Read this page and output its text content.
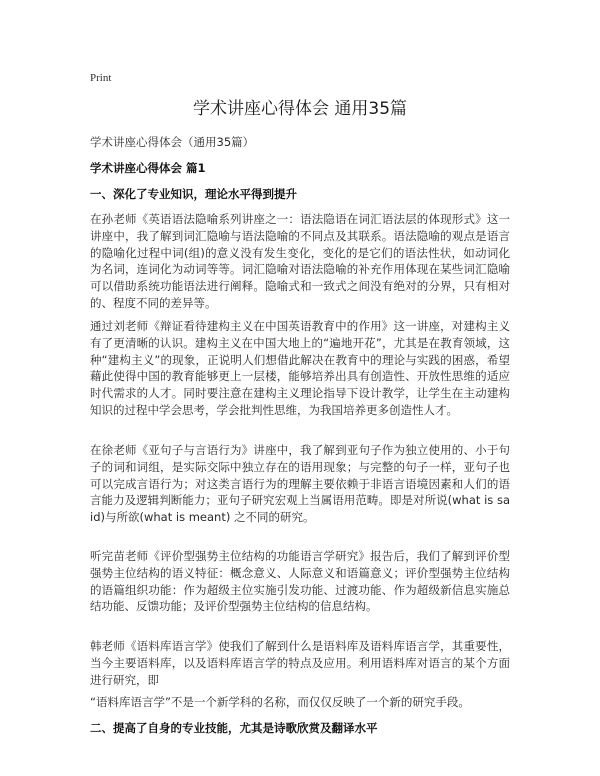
Print
学术讲座心得体会 通用35篇
学术讲座心得体会（通用35篇）
学术讲座心得体会 篇1
一、深化了专业知识，理论水平得到提升

在孙老师《英语语法隐喻系列讲座之一：语法隐语在词汇语法层的体现形式》这一讲座中，我了解到词汇隐喻与语法隐喻的不同点及其联系。语法隐喻的观点是语言的隐喻化过程中词(组)的意义没有发生变化，变化的是它们的语法性状，如动词化为名词，连词化为动词等等。词汇隐喻对语法隐喻的补充作用体现在某些词汇隐喻可以借助系统功能语法进行阐释。隐喻式和一致式之间没有绝对的分界，只有相对的、程度不同的差异等。

通过刘老师《辩证看待建构主义在中国英语教育中的作用》这一讲座，对建构主义有了更清晰的认识。建构主义在中国大地上的“遍地开花”，尤其是在教育领域，这种“建构主义”的现象，正说明人们想借此解决在教育中的理论与实践的困惑，希望藉此使得中国的教育能够更上一层楼，能够培养出具有创造性、开放性思维的适应时代需求的人才。同时要注意在建构主义理论指导下设计教学，让学生在主动建构知识的过程中学会思考，学会批判性思维，为我国培养更多创造性人才。

在徐老师《亚句子与言语行为》讲座中，我了解到亚句子作为独立使用的、小于句子的词和词组，是实际交际中独立存在的语用现象；与完整的句子一样，亚句子也可以完成言语行为；对这类言语行为的理解主要依赖于非语言语境因素和人们的语言能力及逻辑判断能力；亚句子研究宏观上当属语用范畴。即是对所说(what is said)与所欲(what is meant) 之不同的研究。

听完苗老师《评价型强势主位结构的功能语言学研究》报告后，我们了解到评价型强势主位结构的语义特征：概念意义、人际意义和语篇意义；评价型强势主位结构的语篇组织功能：作为超级主位实施引发功能、过渡功能、作为超级新信息实施总结功能、反馈功能；及评价型强势主位结构的信息结构。

韩老师《语料库语言学》使我们了解到什么是语料库及语料库语言学，其重要性，当今主要语料库，以及语料库语言学的特点及应用。利用语料库对语言的某个方面进行研究，即

“语料库语言学”不是一个新学科的名称，而仅仅反映了一个新的研究手段。

二、提高了自身的专业技能，尤其是诗歌欣赏及翻译水平
